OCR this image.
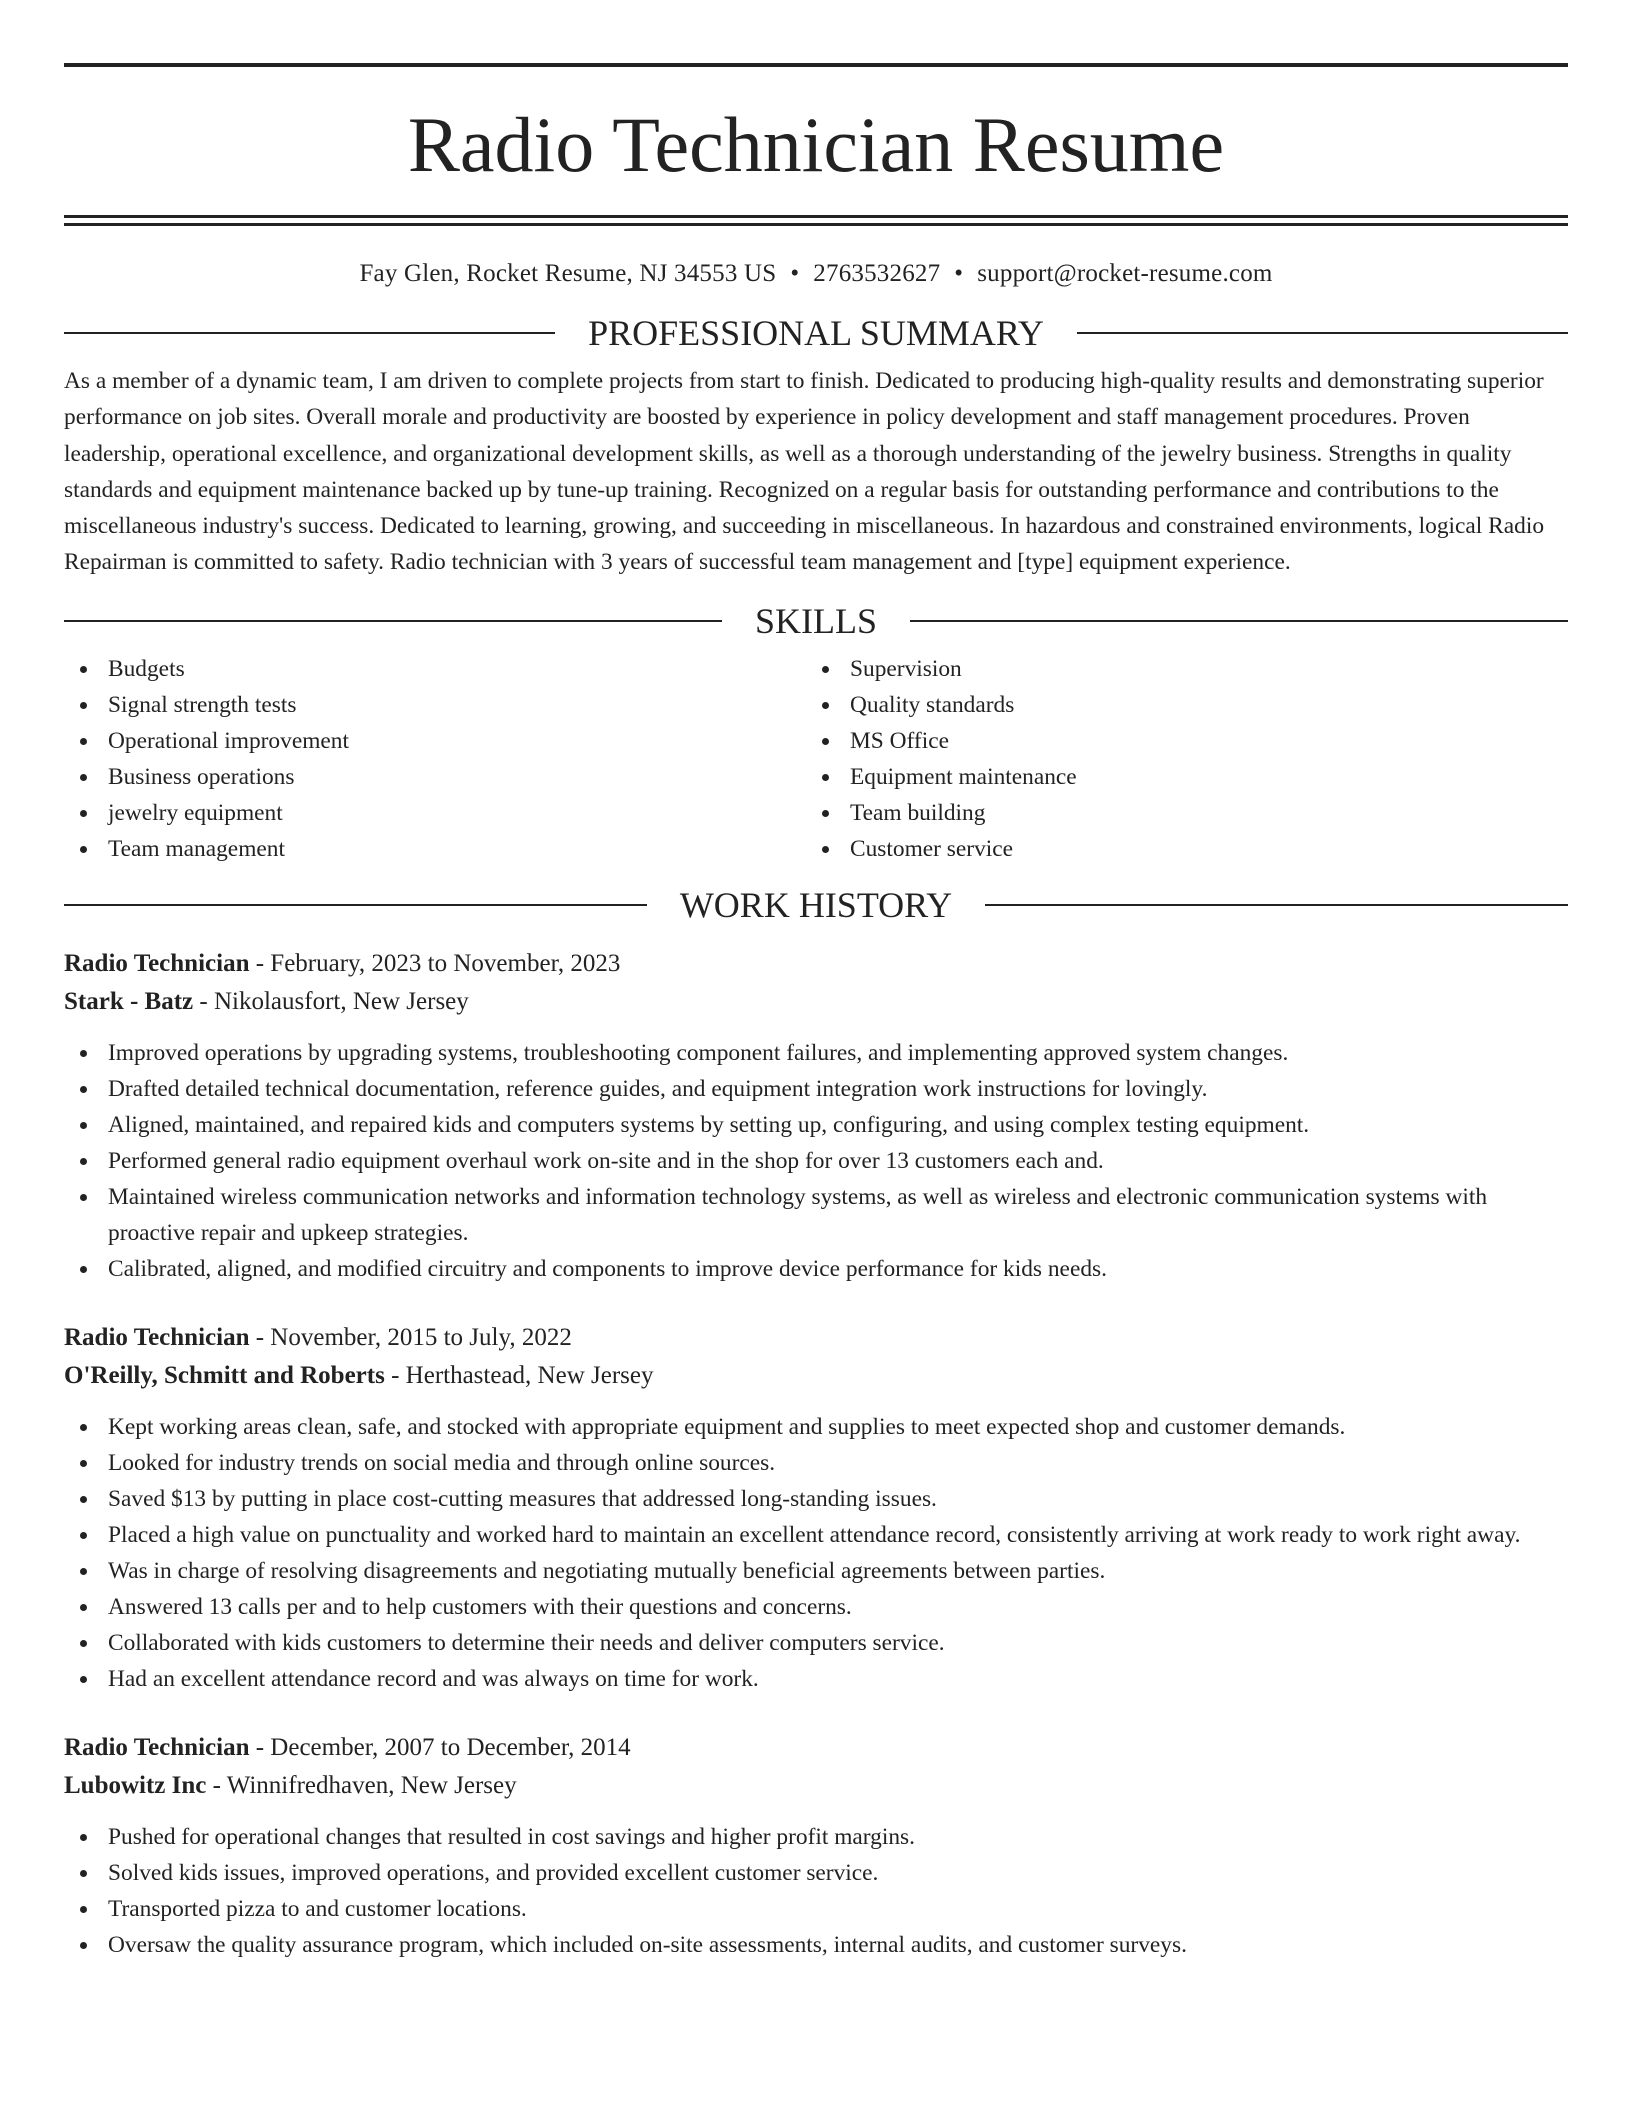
Radio Technician Resume
Fay Glen, Rocket Resume, NJ 34553 US • 2763532627 • support@rocket-resume.com
PROFESSIONAL SUMMARY

As a member of a dynamic team, I am driven to complete projects from start to finish. Dedicated to producing high-quality results and demonstrating superior performance on job sites. Overall morale and productivity are boosted by experience in policy development and staff management procedures. Proven leadership, operational excellence, and organizational development skills, as well as a thorough understanding of the jewelry business. Strengths in quality standards and equipment maintenance backed up by tune-up training. Recognized on a regular basis for outstanding performance and contributions to the miscellaneous industry's success. Dedicated to learning, growing, and succeeding in miscellaneous. In hazardous and constrained environments, logical Radio Repairman is committed to safety. Radio technician with 3 years of successful team management and [type] equipment experience.

SKILLS
Budgets
Signal strength tests
Operational improvement
Business operations
jewelry equipment
Team management
Supervision
Quality standards
MS Office
Equipment maintenance
Team building
Customer service
WORK HISTORY
Radio Technician - February, 2023 to November, 2023
Stark - Batz - Nikolausfort, New Jersey
Improved operations by upgrading systems, troubleshooting component failures, and implementing approved system changes.
Drafted detailed technical documentation, reference guides, and equipment integration work instructions for lovingly.
Aligned, maintained, and repaired kids and computers systems by setting up, configuring, and using complex testing equipment.
Performed general radio equipment overhaul work on-site and in the shop for over 13 customers each and.
Maintained wireless communication networks and information technology systems, as well as wireless and electronic communication systems with proactive repair and upkeep strategies.
Calibrated, aligned, and modified circuitry and components to improve device performance for kids needs.
Radio Technician - November, 2015 to July, 2022
O'Reilly, Schmitt and Roberts - Herthastead, New Jersey
Kept working areas clean, safe, and stocked with appropriate equipment and supplies to meet expected shop and customer demands.
Looked for industry trends on social media and through online sources.
Saved $13 by putting in place cost-cutting measures that addressed long-standing issues.
Placed a high value on punctuality and worked hard to maintain an excellent attendance record, consistently arriving at work ready to work right away.
Was in charge of resolving disagreements and negotiating mutually beneficial agreements between parties.
Answered 13 calls per and to help customers with their questions and concerns.
Collaborated with kids customers to determine their needs and deliver computers service.
Had an excellent attendance record and was always on time for work.
Radio Technician - December, 2007 to December, 2014
Lubowitz Inc - Winnifredhaven, New Jersey
Pushed for operational changes that resulted in cost savings and higher profit margins.
Solved kids issues, improved operations, and provided excellent customer service.
Transported pizza to and customer locations.
Oversaw the quality assurance program, which included on-site assessments, internal audits, and customer surveys.
